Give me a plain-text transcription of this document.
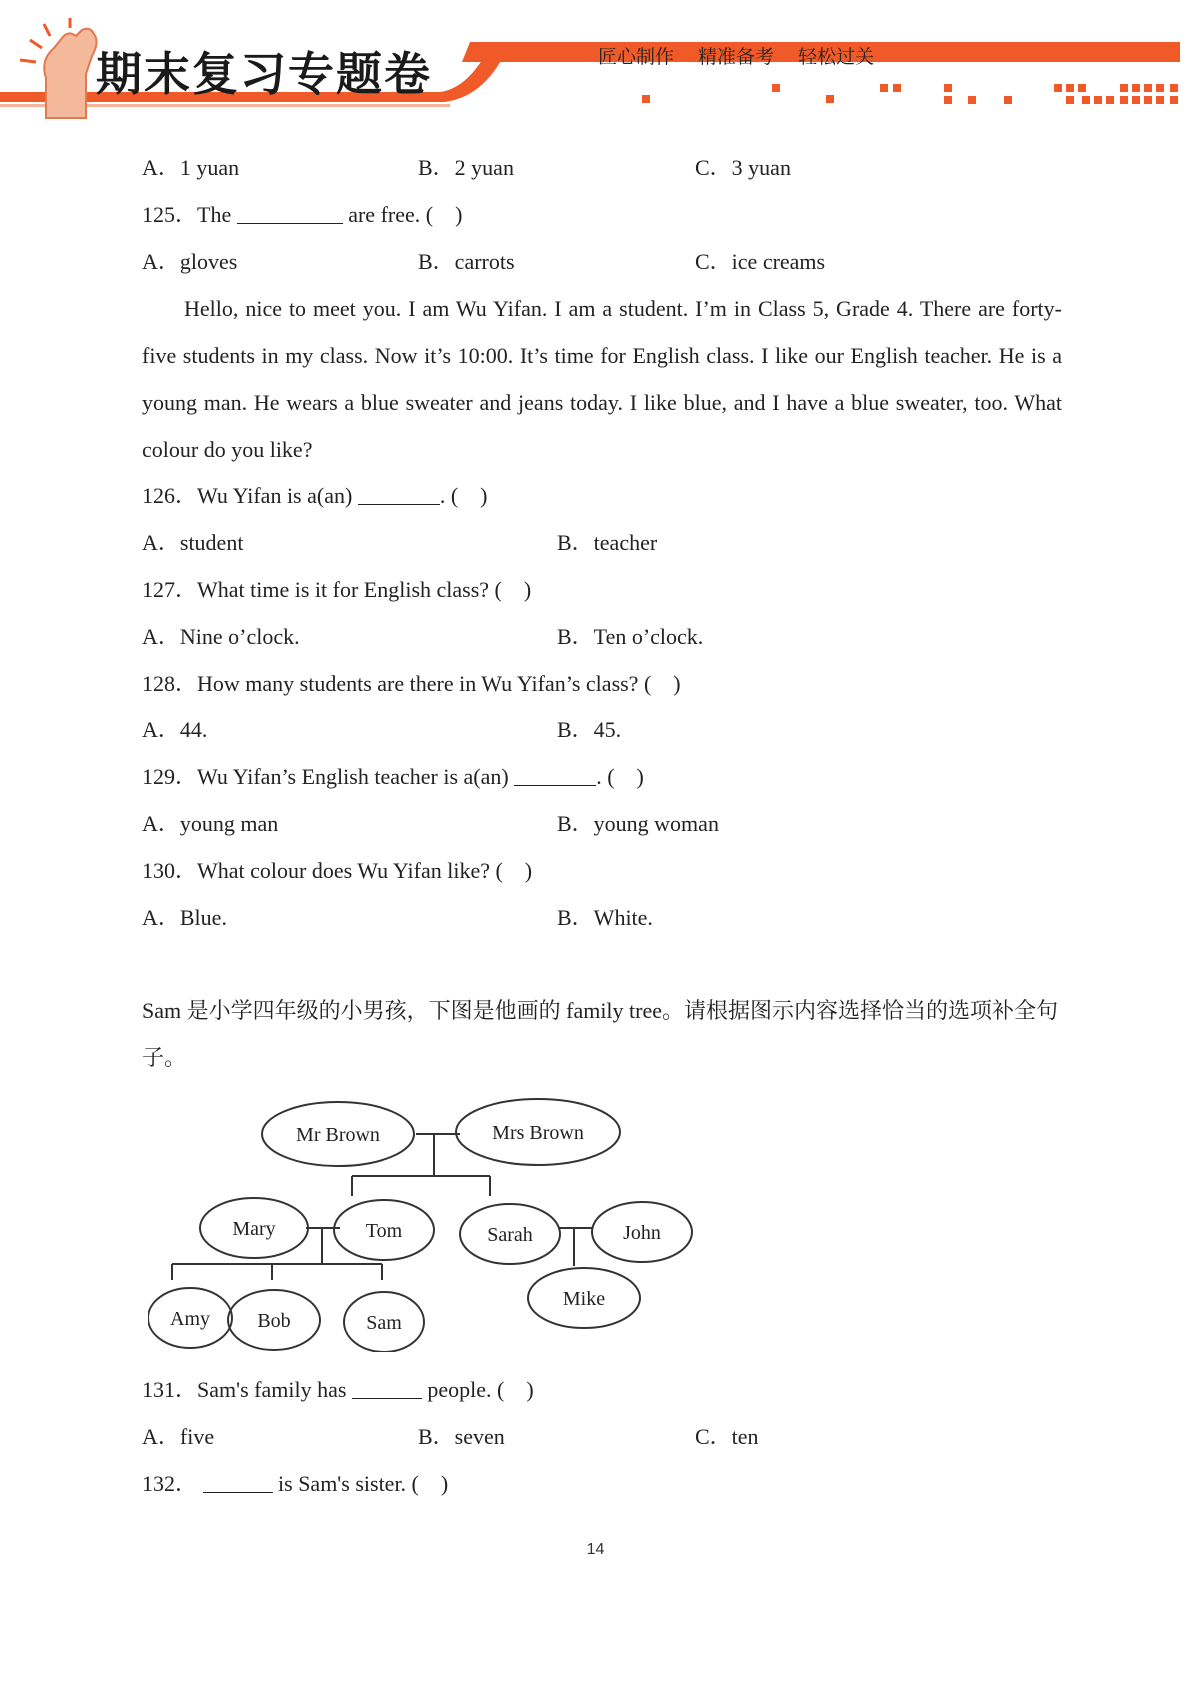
期末复习专题卷	匠心制作 精准备考 轻松过关
A．1 yuan	B．2 yuan	C．3 yuan
125．The	are free. (　)
A．gloves	B．carrots	C．ice creams
Hello, nice to meet you. I am Wu Yifan. I am a student. I’m in Class 5, Grade 4. There are forty-five students in my class. Now it’s 10:00. It’s time for English class. I like our English teacher. He is a young man. He wears a blue sweater and jeans today. I like blue, and I have a blue sweater, too. What colour do you like?
126．Wu Yifan is a(an)	. (　)
A．student	B．teacher
127．What time is it for English class? (　)
A．Nine o’clock.	B．Ten o’clock.
128．How many students are there in Wu Yifan’s class? (　)
A．44.	B．45.
129．Wu Yifan’s English teacher is a(an)	. (　)
A．young man	B．young woman
130．What colour does Wu Yifan like? (　)
A．Blue.	B．White.
Sam 是小学四年级的小男孩，下图是他画的 family tree。请根据图示内容选择恰当的选项补全句子。
Mr Brown	Mrs Brown
Mary	Tom	Sarah	John
Amy Bob	Sam
Mike
131．Sam's family has	people. (　)
A．five	B．seven	C．ten
132．	is Sam's sister. (　)
14
